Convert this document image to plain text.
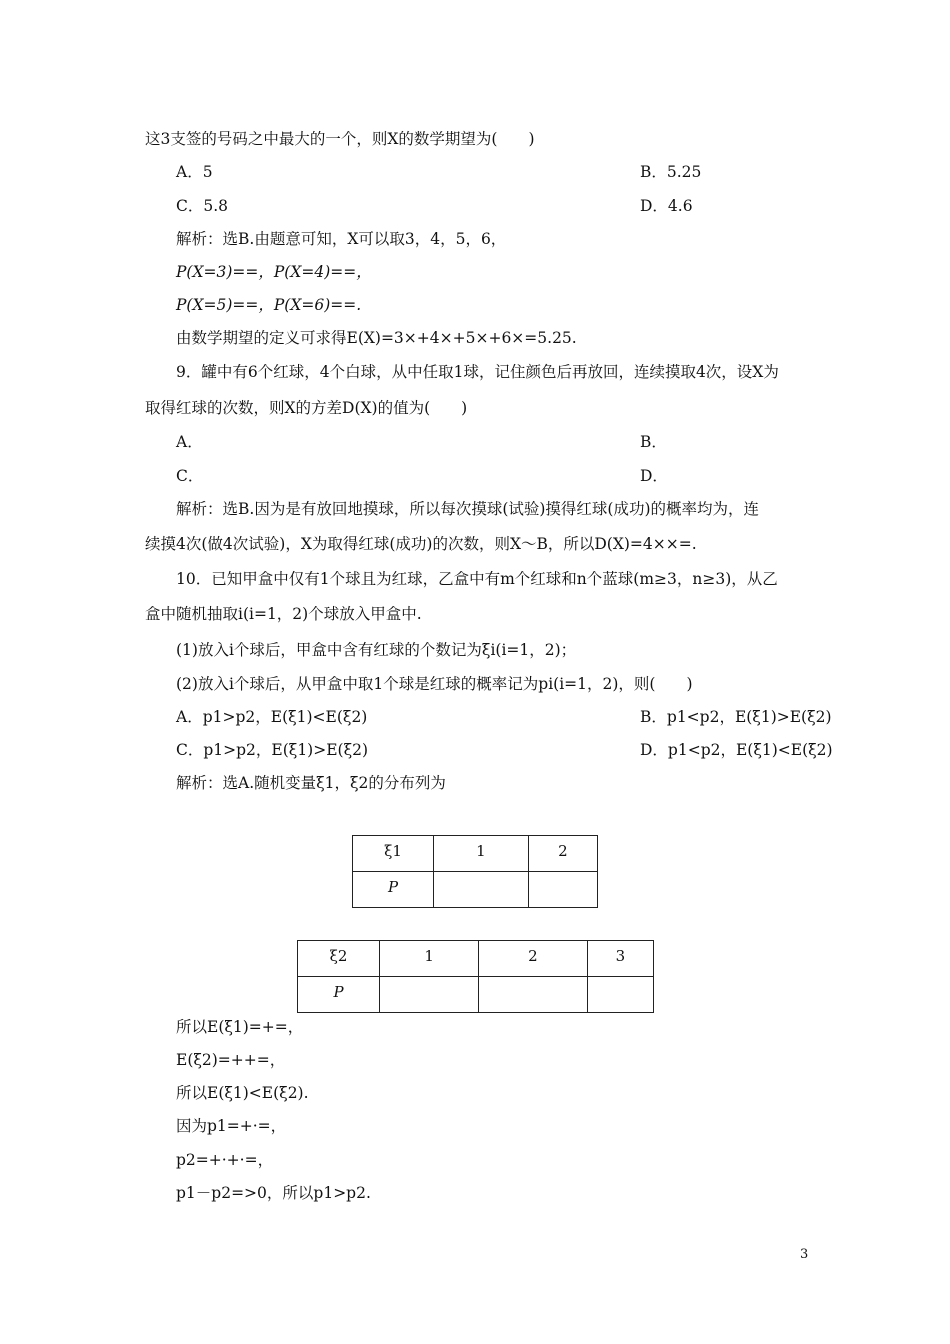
这3支签的号码之中最大的一个，则X的数学期望为(　　)
A．5	B．5.25
C．5.8	D．4.6
解析：选B.由题意可知，X可以取3，4，5，6，
P(X=3)==，P(X=4)==，
P(X=5)==，P(X=6)==.
由数学期望的定义可求得E(X)=3×+4×+5×+6×=5.25.
9．罐中有6个红球，4个白球，从中任取1球，记住颜色后再放回，连续摸取4次，设X为
取得红球的次数，则X的方差D(X)的值为(　　)
A．	B．
C．	D．
解析：选B.因为是有放回地摸球，所以每次摸球(试验)摸得红球(成功)的概率均为，连
续摸4次(做4次试验)，X为取得红球(成功)的次数，则X～B，所以D(X)=4××=.
10．已知甲盒中仅有1个球且为红球，乙盒中有m个红球和n个蓝球(m≥3，n≥3)，从乙
盒中随机抽取i(i=1，2)个球放入甲盒中.
(1)放入i个球后，甲盒中含有红球的个数记为ξi(i=1，2)；
(2)放入i个球后，从甲盒中取1个球是红球的概率记为pi(i=1，2)，则(　　)
A．p1>p2，E(ξ1)<E(ξ2)	B．p1<p2，E(ξ1)>E(ξ2)
C．p1>p2，E(ξ1)>E(ξ2)	D．p1<p2，E(ξ1)<E(ξ2)
解析：选A.随机变量ξ1，ξ2的分布列为
ξ1	1	2
P		
ξ2	1	2	3
P			
所以E(ξ1)=+=，
E(ξ2)=++=，
所以E(ξ1)<E(ξ2).
因为p1=+·=，
p2=+·+·=，
p1－p2=>0，所以p1>p2.
3
